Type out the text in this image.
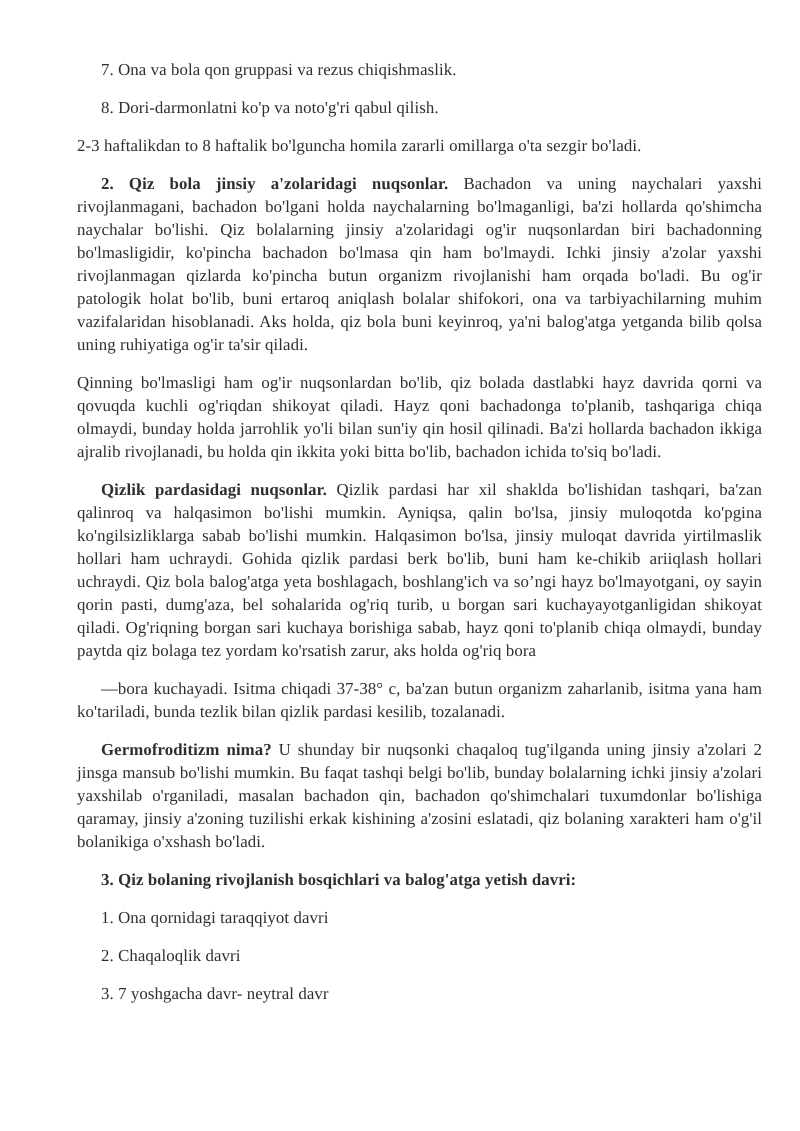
7. Ona va bola qon gruppasi va rezus chiqishmaslik.

8. Dori-darmonlatni ko'p va noto'g'ri qabul qilish.

2-3 haftalikdan to 8 haftalik bo'lguncha homila zararli omillarga o'ta sezgir bo'ladi.

2. Qiz bola jinsiy a'zolaridagi nuqsonlar. Bachadon va uning naychalari yaxshi rivojlanmagani, bachadon bo'lgani holda naychalarning bo'lmaganligi, ba'zi hollarda qo'shimcha naychalar bo'lishi. Qiz bolalarning jinsiy a'zolaridagi og'ir nuqsonlardan biri bachadonning bo'lmasligidir, ko'pincha bachadon bo'lmasa qin ham bo'lmaydi. Ichki jinsiy a'zolar yaxshi rivojlanmagan qizlarda ko'pincha butun organizm rivojlanishi ham orqada bo'ladi. Bu og'ir patologik holat bo'lib, buni ertaroq aniqlash bolalar shifokori, ona va tarbiyachilarning muhim vazifalaridan hisoblanadi. Aks holda, qiz bola buni keyinroq, ya'ni balog'atga yetganda bilib qolsa uning ruhiyatiga og'ir ta'sir qiladi.

Qinning bo'lmasligi ham og'ir nuqsonlardan bo'lib, qiz bolada dastlabki hayz davrida qorni va qovuqda kuchli og'riqdan shikoyat qiladi. Hayz qoni bachadonga to'planib, tashqariga chiqa olmaydi, bunday holda jarrohlik yo'li bilan sun'iy qin hosil qilinadi. Ba'zi hollarda bachadon ikkiga ajralib rivojlanadi, bu holda qin ikkita yoki bitta bo'lib, bachadon ichida to'siq bo'ladi.

Qizlik pardasidagi nuqsonlar. Qizlik pardasi har xil shaklda bo'lishidan tashqari, ba'zan qalinroq va halqasimon bo'lishi mumkin. Ayniqsa, qalin bo'lsa, jinsiy muloqotda ko'pgina ko'ngilsizliklarga sabab bo'lishi mumkin. Halqasimon bo'lsa, jinsiy muloqat davrida yirtilmaslik hollari ham uchraydi. Gohida qizlik pardasi berk bo'lib, buni ham ke-chikib ariiqlash hollari uchraydi. Qiz bola balog'atga yeta boshlagach, boshlang'ich va so’ngi hayz bo'lmayotgani, oy sayin qorin pasti, dumg'aza, bel sohalarida og'riq turib, u borgan sari kuchayayotganligidan shikoyat qiladi. Og'riqning borgan sari kuchaya borishiga sabab, hayz qoni to'planib chiqa olmaydi, bunday paytda qiz bolaga tez yordam ko'rsatish zarur, aks holda og'riq bora

—bora kuchayadi. Isitma chiqadi 37-38° c, ba'zan butun organizm zaharlanib, isitma yana ham ko'tariladi, bunda tezlik bilan qizlik pardasi kesilib, tozalanadi.

Germofroditizm nima? U shunday bir nuqsonki chaqaloq tug'ilganda uning jinsiy a'zolari 2 jinsga mansub bo'lishi mumkin. Bu faqat tashqi belgi bo'lib, bunday bolalarning ichki jinsiy a'zolari yaxshilab o'rganiladi, masalan bachadon qin, bachadon qo'shimchalari tuxumdonlar bo'lishiga qaramay, jinsiy a'zoning tuzilishi erkak kishining a'zosini eslatadi, qiz bolaning xarakteri ham o'g'il bolanikiga o'xshash bo'ladi.

3. Qiz bolaning rivojlanish bosqichlari va balog'atga yetish davri:

1. Ona qornidagi taraqqiyot davri

2. Chaqaloqlik davri

3. 7 yoshgacha davr- neytral davr
